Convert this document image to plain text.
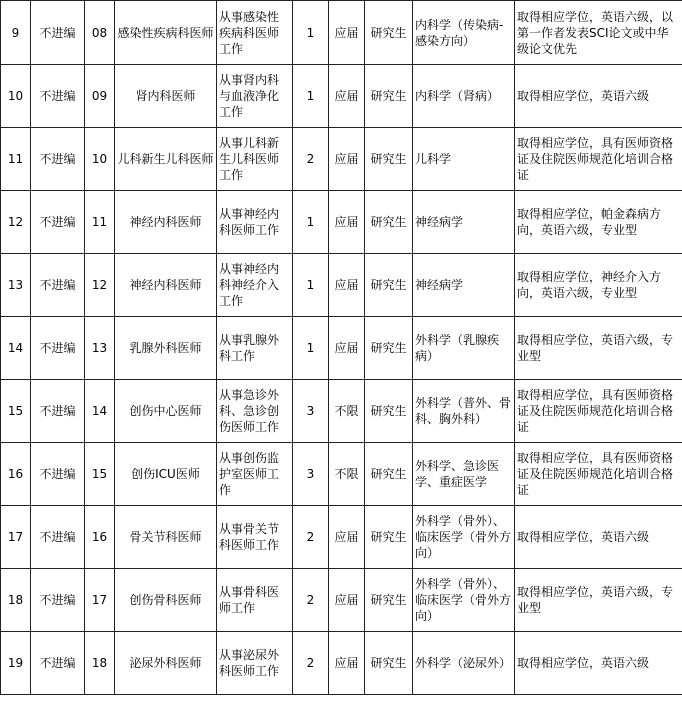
9	不进编	08	感染性疾病科医师	从事感染性疾病科医师工作	1	应届	研究生	内科学（传染病-感染方向）	取得相应学位，英语六级，以第一作者发表SCI论文或中华级论文优先
10	不进编	09	肾内科医师	从事肾内科与血液净化工作	1	应届	研究生	内科学（肾病）	取得相应学位，英语六级
11	不进编	10	儿科新生儿科医师	从事儿科新生儿科医师工作	2	应届	研究生	儿科学	取得相应学位，具有医师资格证及住院医师规范化培训合格证
12	不进编	11	神经内科医师	从事神经内科医师工作	1	应届	研究生	神经病学	取得相应学位，帕金森病方向，英语六级，专业型
13	不进编	12	神经内科医师	从事神经内科神经介入工作	1	应届	研究生	神经病学	取得相应学位，神经介入方向，英语六级，专业型
14	不进编	13	乳腺外科医师	从事乳腺外科工作	1	应届	研究生	外科学（乳腺疾病）	取得相应学位，英语六级，专业型
15	不进编	14	创伤中心医师	从事急诊外科、急诊创伤医师工作	3	不限	研究生	外科学（普外、骨科、胸外科）	取得相应学位，具有医师资格证及住院医师规范化培训合格证
16	不进编	15	创伤ICU医师	从事创伤监护室医师工作	3	不限	研究生	外科学、急诊医学、重症医学	取得相应学位，具有医师资格证及住院医师规范化培训合格证
17	不进编	16	骨关节科医师	从事骨关节科医师工作	2	应届	研究生	外科学（骨外）、临床医学（骨外方向）	取得相应学位，英语六级
18	不进编	17	创伤骨科医师	从事骨科医师工作	2	应届	研究生	外科学（骨外）、临床医学（骨外方向）	取得相应学位，英语六级，专业型
19	不进编	18	泌尿外科医师	从事泌尿外科医师工作	2	应届	研究生	外科学（泌尿外）	取得相应学位，英语六级
